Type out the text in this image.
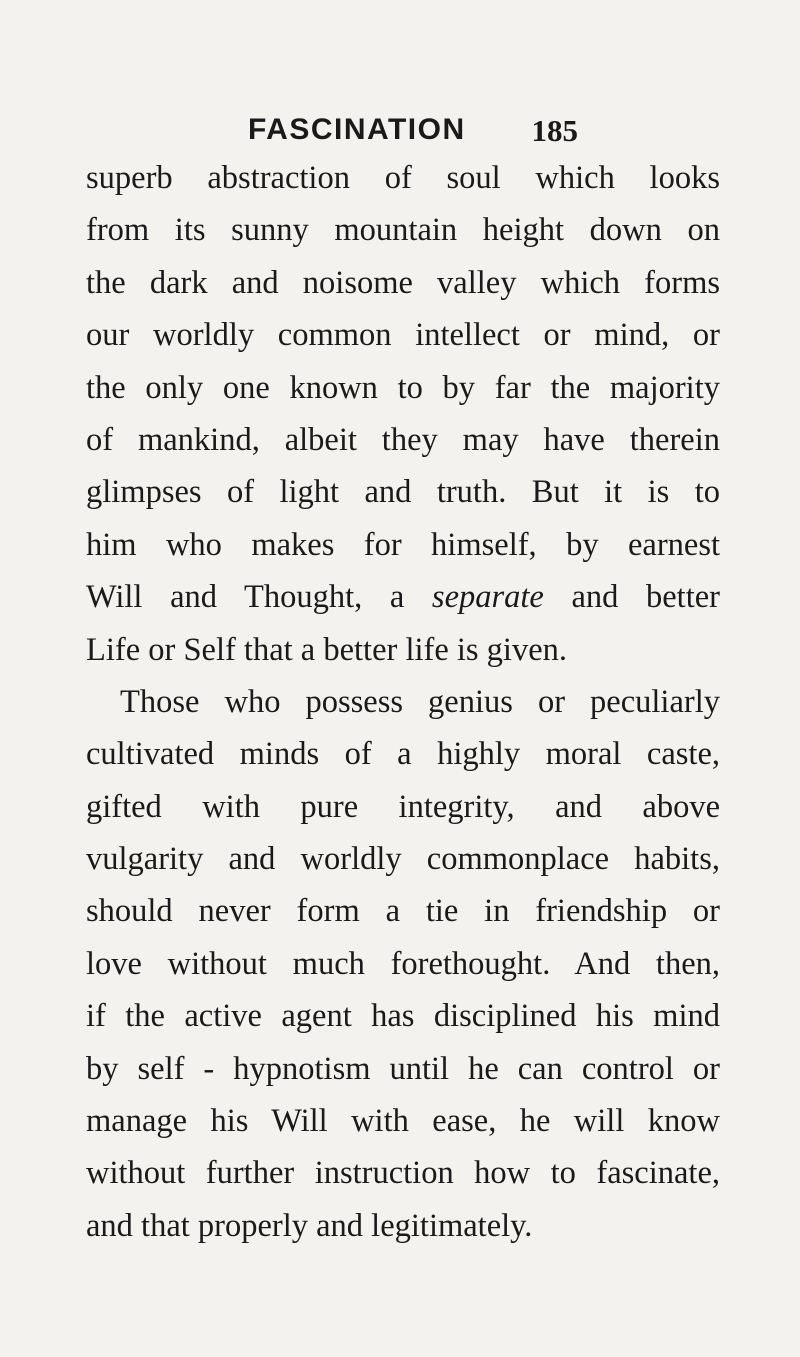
FASCINATION 185
superb abstraction of soul which looks
from its sunny mountain height down on
the dark and noisome valley which forms
our worldly common intellect or mind, or
the only one known to by far the majority
of mankind, albeit they may have therein
glimpses of light and truth. But it is to
him who makes for himself, by earnest
Will and Thought, a separate and better
Life or Self that a better life is given.
Those who possess genius or peculiarly
cultivated minds of a highly moral caste,
gifted with pure integrity, and above
vulgarity and worldly commonplace habits,
should never form a tie in friendship or
love without much forethought. And then,
if the active agent has disciplined his mind
by self - hypnotism until he can control or
manage his Will with ease, he will know
without further instruction how to fascinate,
and that properly and legitimately.
